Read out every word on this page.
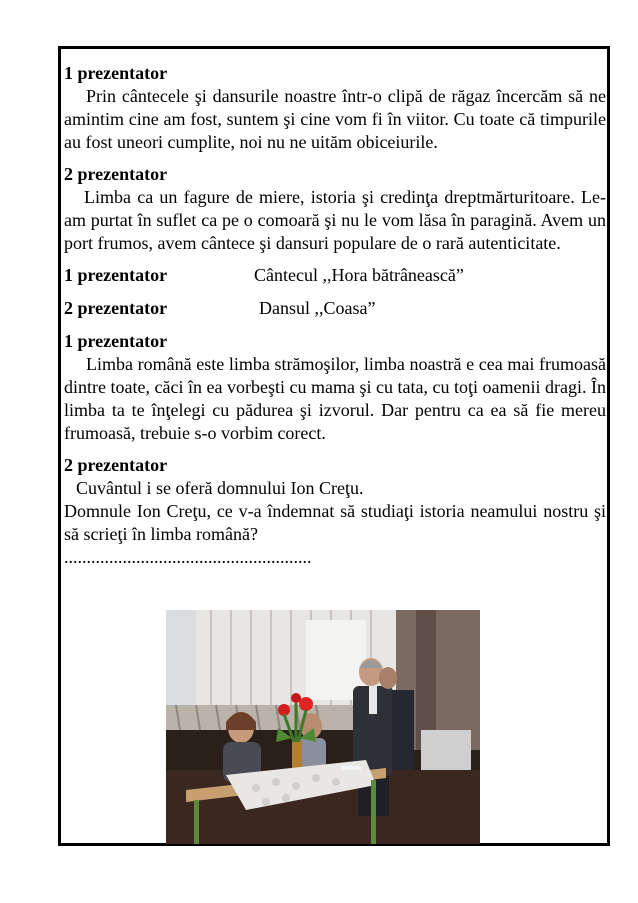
1 prezentator

Prin cântecele şi dansurile noastre într-o clipă de răgaz încercăm să ne amintim cine am fost, suntem şi cine vom fi în viitor. Cu toate că timpurile au fost uneori cumplite, noi nu ne uităm obiceiurile.

2 prezentator

Limba ca un fagure de miere, istoria şi credinţa dreptmărturitoare. Le-am purtat în suflet ca pe o comoară şi nu le vom lăsa în paragină. Avem un port frumos, avem cântece şi dansuri populare de o rară autenticitate.

1 prezentator	Cântecul ,,Hora bătrânească”
2 prezentator	Dansul ,,Coasa”
1 prezentator

Limba română este limba strămoşilor, limba noastră e cea mai frumoasă dintre toate, căci în ea vorbeşti cu mama şi cu tata, cu toţi oamenii dragi. În limba ta te înţelegi cu pădurea şi izvorul. Dar pentru ca ea să fie mereu frumoasă, trebuie s-o vorbim corect.

2 prezentator

Cuvântul i se oferă domnului Ion Creţu.

Domnule Ion Creţu, ce v-a îndemnat să studiaţi istoria neamului nostru şi să scrieţi în limba română?

.......................................................
